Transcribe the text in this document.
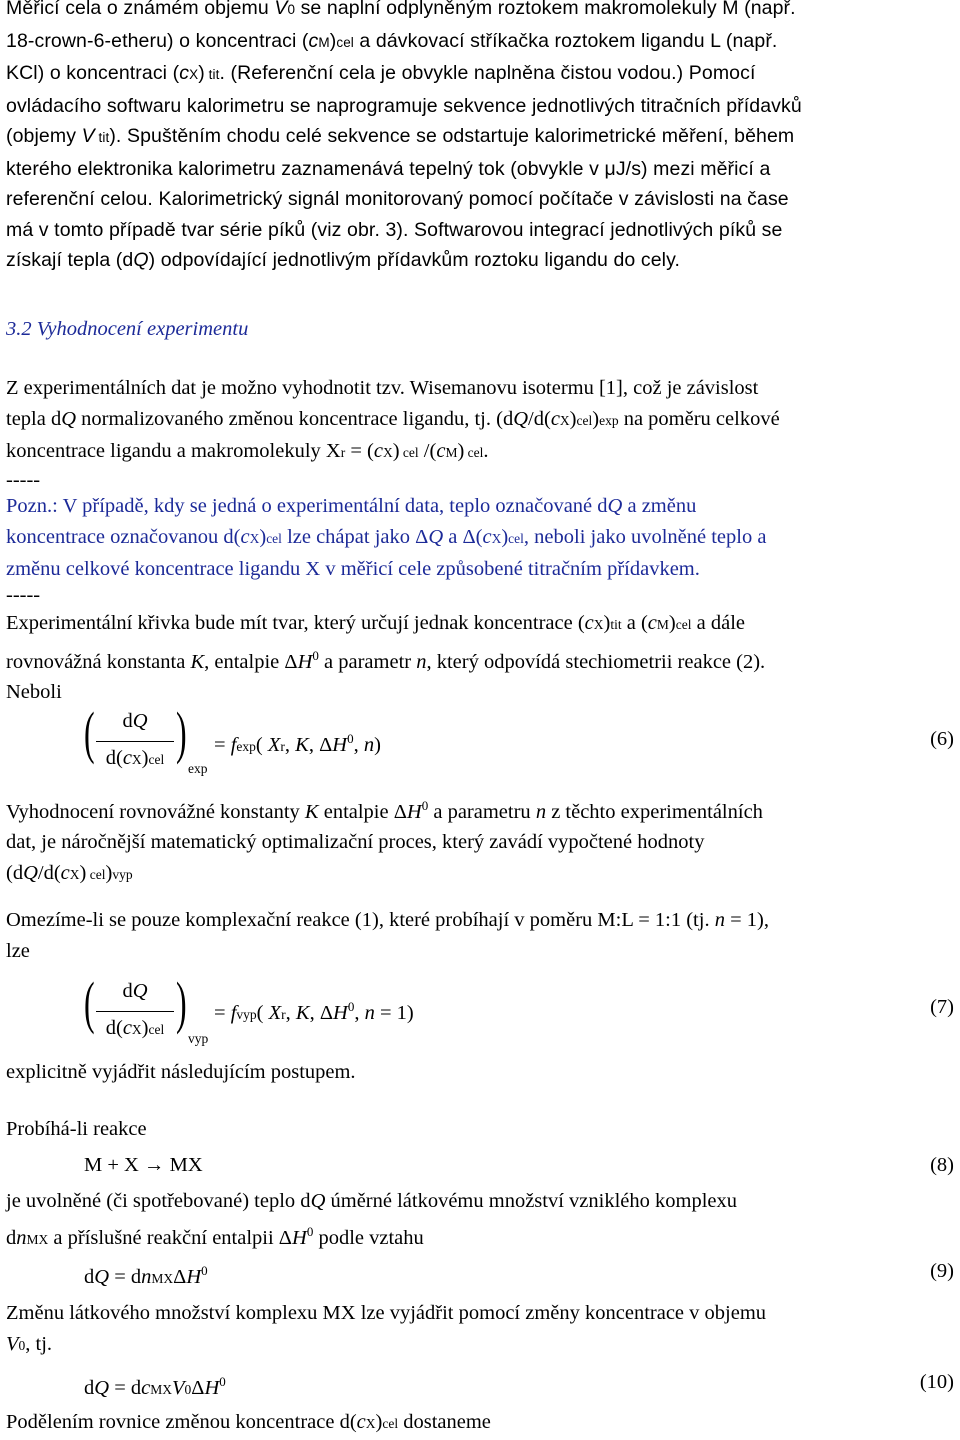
Měřicí cela o známém objemu V0 se naplní odplyněným roztokem makromolekuly M (např.
18-crown-6-etheru) o koncentraci (cM)cel a dávkovací stříkačka roztokem ligandu L (např.
KCl) o koncentraci (cX) tit. (Referenční cela je obvykle naplněna čistou vodou.) Pomocí
ovládacího softwaru kalorimetru se naprogramuje sekvence jednotlivých titračních přídavků
(objemy V tit). Spuštěním chodu celé sekvence se odstartuje kalorimetrické měření, během
kterého elektronika kalorimetru zaznamenává tepelný tok (obvykle v μJ/s) mezi měřicí a
referenční celou. Kalorimetrický signál monitorovaný pomocí počítače v závislosti na čase
má v tomto případě tvar série píků (viz obr. 3). Softwarovou integrací jednotlivých píků se
získají tepla (dQ) odpovídající jednotlivým přídavkům roztoku ligandu do cely.
3.2 Vyhodnocení experimentu
Z experimentálních dat je možno vyhodnotit tzv. Wisemanovu isotermu [1], což je závislost
tepla dQ normalizovaného změnou koncentrace ligandu, tj. (dQ/d(cX)cel)exp na poměru celkové
koncentrace ligandu a makromolekuly Xr = (cX) cel /(cM) cel.
-----
Pozn.: V případě, kdy se jedná o experimentální data, teplo označované dQ a změnu
koncentrace označovanou d(cX)cel lze chápat jako ΔQ a Δ(cX)cel, neboli jako uvolněné teplo a
změnu celkové koncentrace ligandu X v měřicí cele způsobené titračním přídavkem.
-----
Experimentální křivka bude mít tvar, který určují jednak koncentrace (cX)tit a (cM)cel a dále
rovnovážná konstanta K, entalpie $\Delta H^0$ a parametr n, který odpovídá stechiometrii reakce (2).
Neboli
(	dQ
d(cX)cel )
exp
= fexp( Xr, K, $\Delta H^0$, n)	(6)
Vyhodnocení rovnovážné konstanty K entalpie $\Delta H^0$ a parametru n z těchto experimentálních
dat, je náročnější matematický optimalizační proces, který zavádí vypočtené hodnoty
(dQ/d(cX) cel)vyp
Omezíme-li se pouze komplexační reakce (1), které probíhají v poměru M:L = 1:1 (tj. n = 1),
lze
(	dQ
d(cX)cel )
vyp
= fvyp( Xr, K, $\Delta H^0$, n = 1)	(7)
explicitně vyjádřit následujícím postupem.
Probíhá-li reakce
M + X → MX	(8)
je uvolněné (či spotřebované) teplo dQ úměrné látkovému množství vzniklého komplexu
dnMX a příslušné reakční entalpii $\Delta H^0$ podle vztahu
dQ = dnMXΔH$^0$	(9)
Změnu látkového množství komplexu MX lze vyjádřit pomocí změny koncentrace v objemu
V0, tj.
dQ = $dcMXV0\Delta H^0$	(10)
Podělením rovnice změnou koncentrace d(cX)cel dostaneme
